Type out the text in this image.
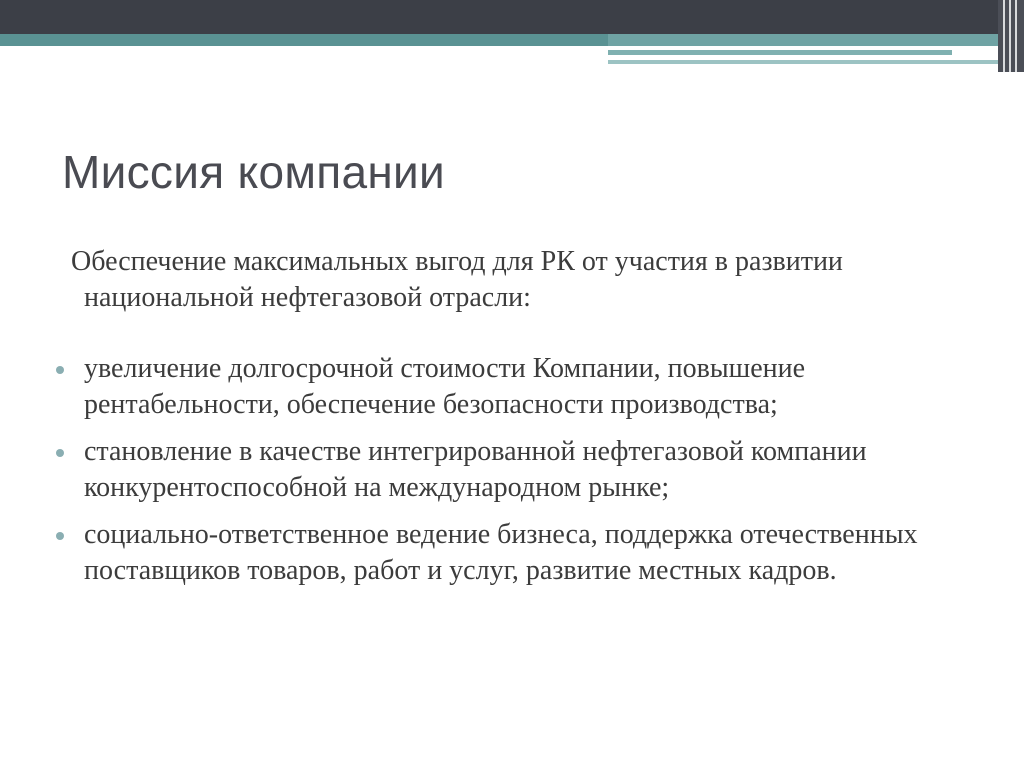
Миссия компании

Обеспечение максимальных выгод для РК от участия в развитии национальной нефтегазовой отрасли:

увеличение долгосрочной стоимости Компании, повышение рентабельности, обеспечение безопасности производства;
становление в качестве интегрированной нефтегазовой компании конкурентоспособной на международном рынке;
социально-ответственное ведение бизнеса, поддержка отечественных поставщиков товаров, работ и услуг, развитие местных кадров.
